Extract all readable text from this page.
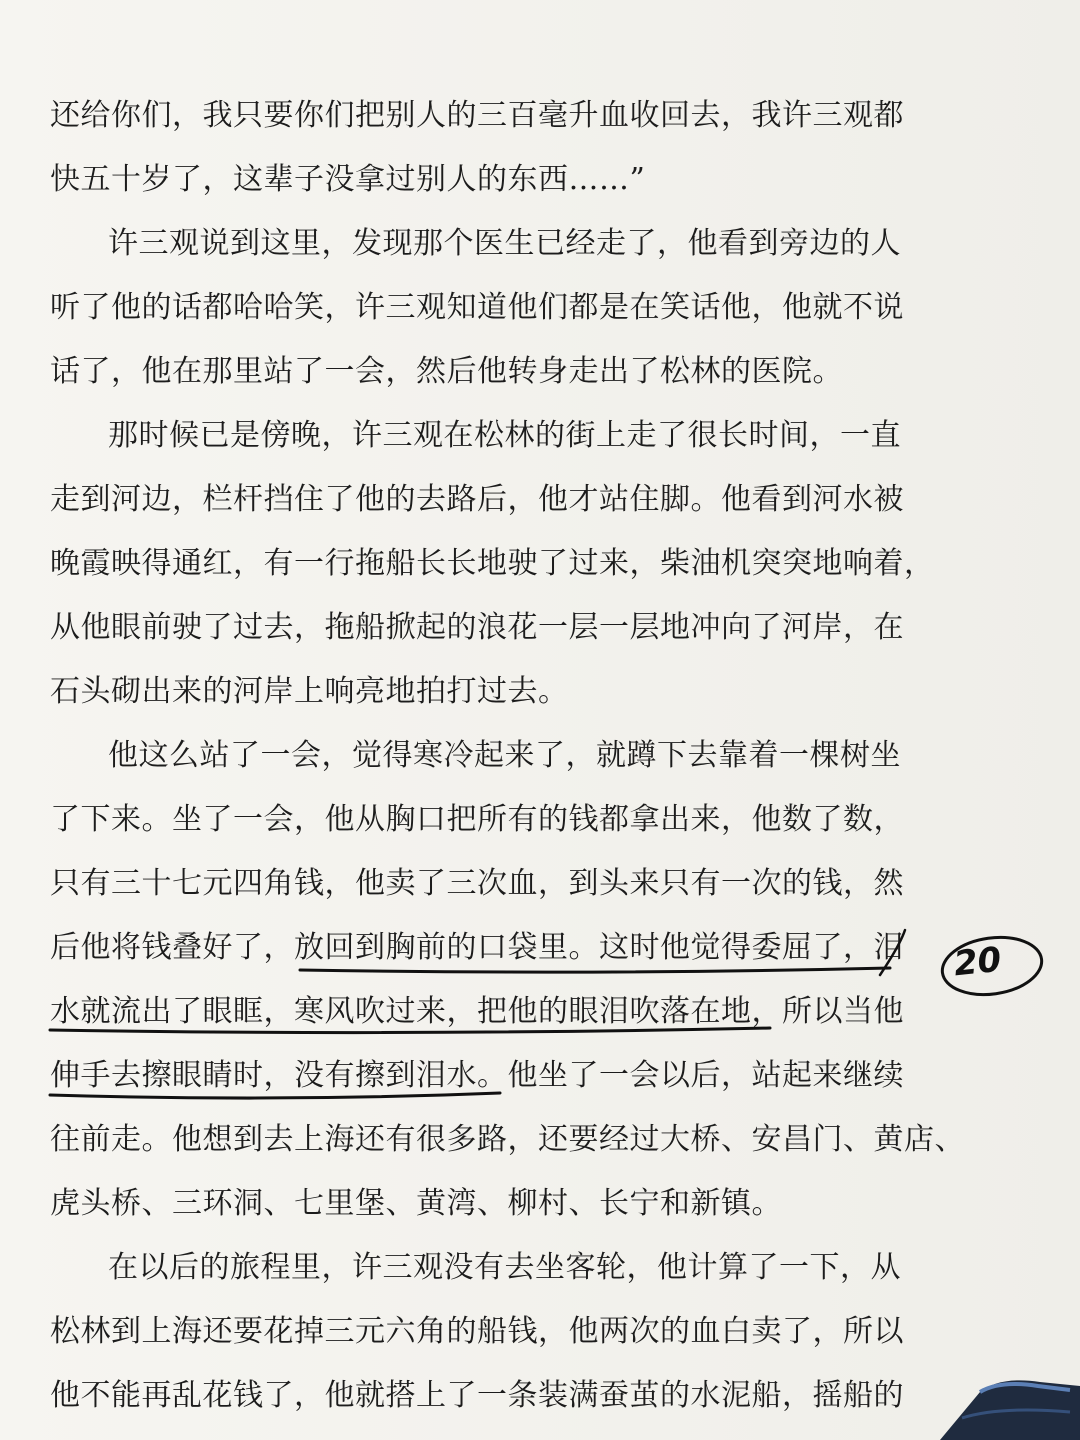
还给你们，我只要你们把别人的三百毫升血收回去，我许三观都
快五十岁了，这辈子没拿过别人的东西……”
许三观说到这里，发现那个医生已经走了，他看到旁边的人
听了他的话都哈哈笑，许三观知道他们都是在笑话他，他就不说
话了，他在那里站了一会，然后他转身走出了松林的医院。
那时候已是傍晚，许三观在松林的街上走了很长时间，一直
走到河边，栏杆挡住了他的去路后，他才站住脚。他看到河水被
晚霞映得通红，有一行拖船长长地驶了过来，柴油机突突地响着，
从他眼前驶了过去，拖船掀起的浪花一层一层地冲向了河岸，在
石头砌出来的河岸上响亮地拍打过去。
他这么站了一会，觉得寒冷起来了，就蹲下去靠着一棵树坐
了下来。坐了一会，他从胸口把所有的钱都拿出来，他数了数，
只有三十七元四角钱，他卖了三次血，到头来只有一次的钱，然
后他将钱叠好了，放回到胸前的口袋里。这时他觉得委屈了，泪
水就流出了眼眶，寒风吹过来，把他的眼泪吹落在地，所以当他
伸手去擦眼睛时，没有擦到泪水。他坐了一会以后，站起来继续
往前走。他想到去上海还有很多路，还要经过大桥、安昌门、黄店、
虎头桥、三环洞、七里堡、黄湾、柳村、长宁和新镇。
在以后的旅程里，许三观没有去坐客轮，他计算了一下，从
松林到上海还要花掉三元六角的船钱，他两次的血白卖了，所以
他不能再乱花钱了，他就搭上了一条装满蚕茧的水泥船，摇船的
20
